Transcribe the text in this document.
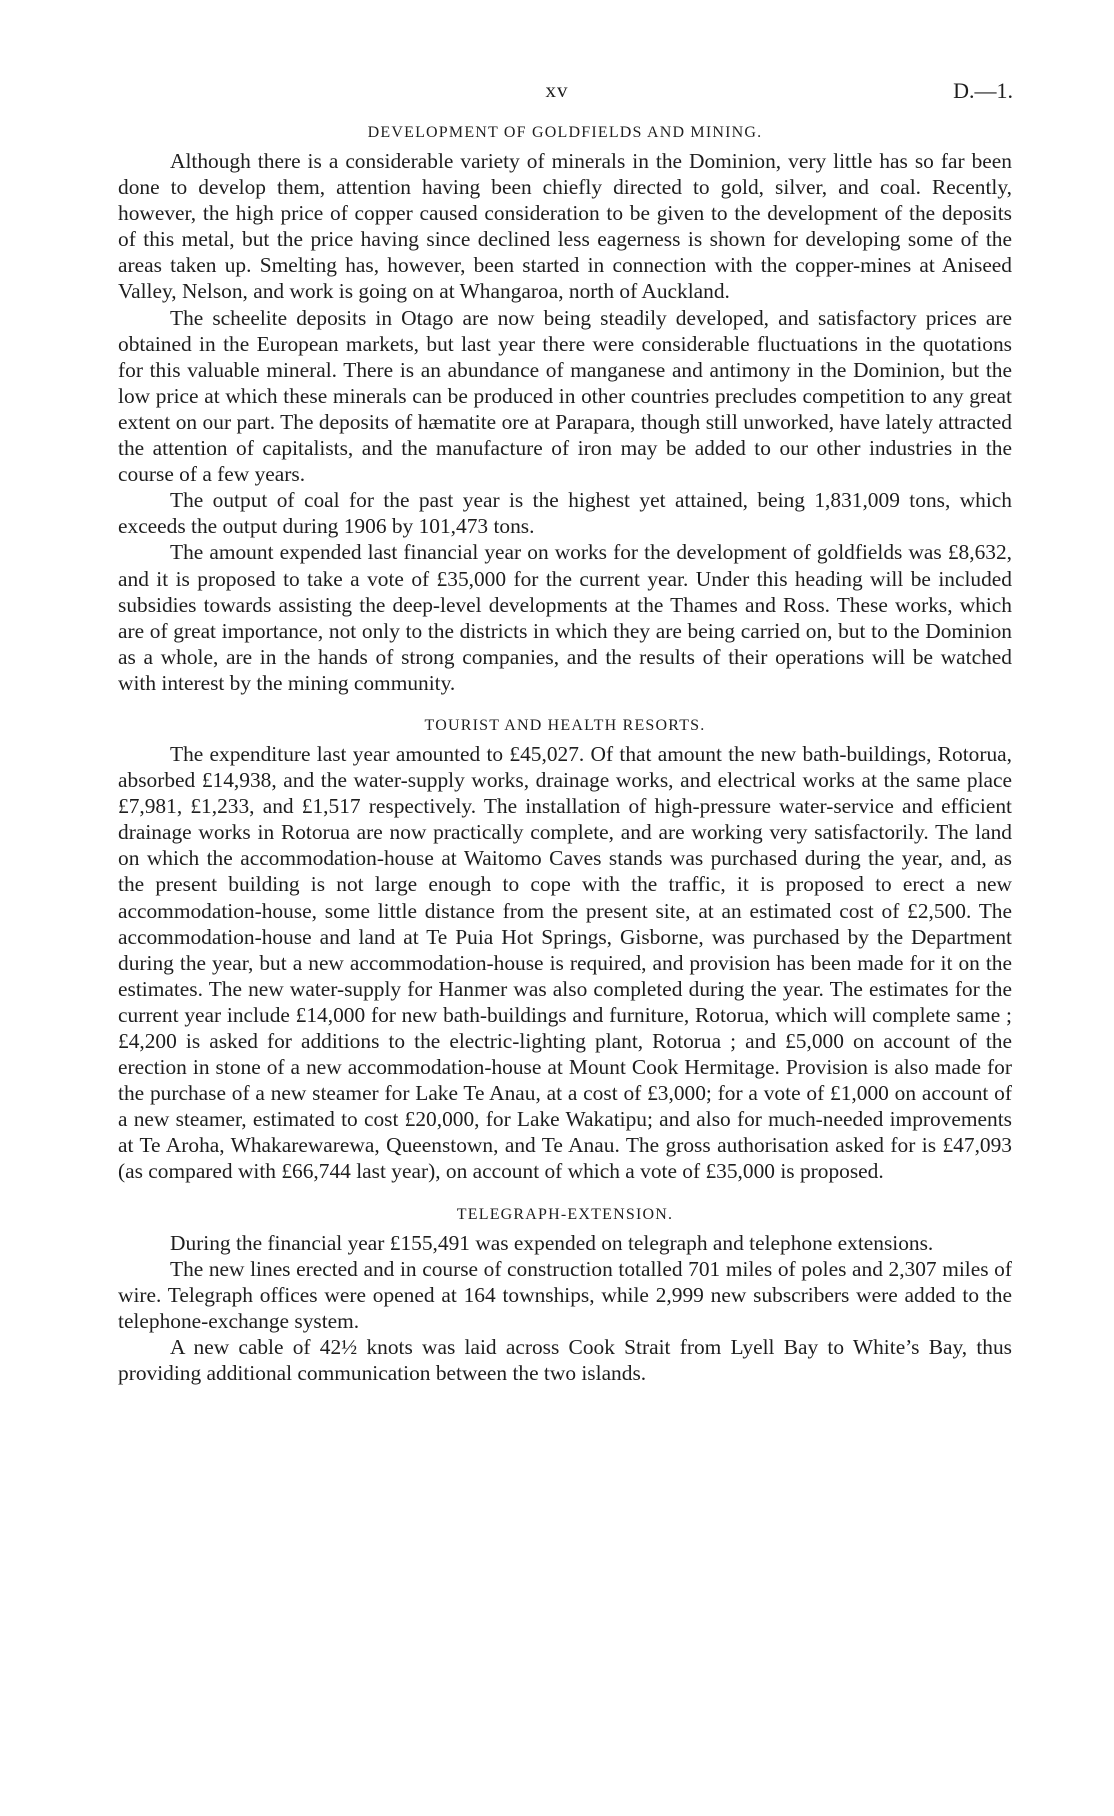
xv	D.—1.
DEVELOPMENT OF GOLDFIELDS AND MINING.

Although there is a considerable variety of minerals in the Dominion, very little has so far been done to develop them, attention having been chiefly directed to gold, silver, and coal. Recently, however, the high price of copper caused consideration to be given to the development of the deposits of this metal, but the price having since declined less eagerness is shown for developing some of the areas taken up. Smelting has, however, been started in connection with the copper-mines at Aniseed Valley, Nelson, and work is going on at Whangaroa, north of Auckland.

The scheelite deposits in Otago are now being steadily developed, and satisfactory prices are obtained in the European markets, but last year there were considerable fluctuations in the quotations for this valuable mineral. There is an abundance of manganese and antimony in the Dominion, but the low price at which these minerals can be produced in other countries precludes competition to any great extent on our part. The deposits of hæmatite ore at Parapara, though still unworked, have lately attracted the attention of capitalists, and the manufacture of iron may be added to our other industries in the course of a few years.

The output of coal for the past year is the highest yet attained, being 1,831,009 tons, which exceeds the output during 1906 by 101,473 tons.

The amount expended last financial year on works for the development of goldfields was £8,632, and it is proposed to take a vote of £35,000 for the current year. Under this heading will be included subsidies towards assisting the deep-level developments at the Thames and Ross. These works, which are of great importance, not only to the districts in which they are being carried on, but to the Dominion as a whole, are in the hands of strong companies, and the results of their operations will be watched with interest by the mining community.

TOURIST AND HEALTH RESORTS.

The expenditure last year amounted to £45,027. Of that amount the new bath-buildings, Rotorua, absorbed £14,938, and the water-supply works, drainage works, and electrical works at the same place £7,981, £1,233, and £1,517 respectively. The installation of high-pressure water-service and efficient drainage works in Rotorua are now practically complete, and are working very satisfactorily. The land on which the accommodation-house at Waitomo Caves stands was purchased during the year, and, as the present building is not large enough to cope with the traffic, it is proposed to erect a new accommodation-house, some little distance from the present site, at an estimated cost of £2,500. The accommodation-house and land at Te Puia Hot Springs, Gisborne, was purchased by the Department during the year, but a new accommodation-house is required, and provision has been made for it on the estimates. The new water-supply for Hanmer was also completed during the year. The estimates for the current year include £14,000 for new bath-buildings and furniture, Rotorua, which will complete same ; £4,200 is asked for additions to the electric-lighting plant, Rotorua ; and £5,000 on account of the erection in stone of a new accommodation-house at Mount Cook Hermitage. Provision is also made for the purchase of a new steamer for Lake Te Anau, at a cost of £3,000; for a vote of £1,000 on account of a new steamer, estimated to cost £20,000, for Lake Wakatipu; and also for much-needed improvements at Te Aroha, Whakarewarewa, Queenstown, and Te Anau. The gross authorisation asked for is £47,093 (as compared with £66,744 last year), on account of which a vote of £35,000 is proposed.

TELEGRAPH-EXTENSION.

During the financial year £155,491 was expended on telegraph and telephone extensions.

The new lines erected and in course of construction totalled 701 miles of poles and 2,307 miles of wire. Telegraph offices were opened at 164 townships, while 2,999 new subscribers were added to the telephone-exchange system.

A new cable of 42½ knots was laid across Cook Strait from Lyell Bay to White’s Bay, thus providing additional communication between the two islands.
